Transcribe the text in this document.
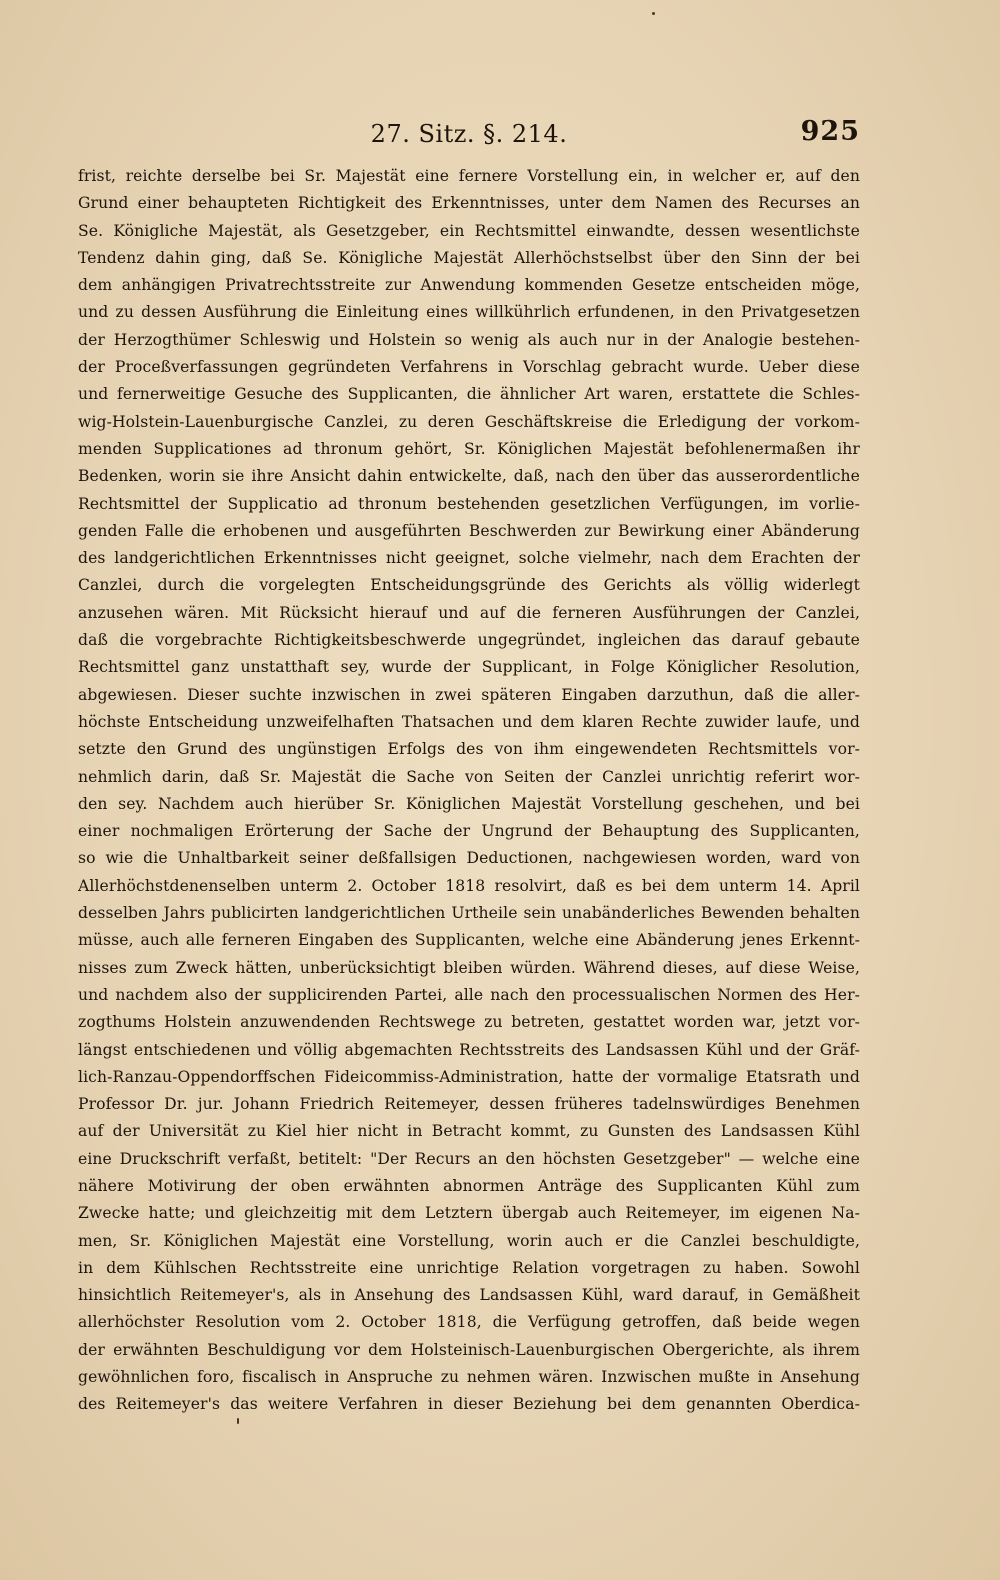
27. Sitz. §. 214.	925
frist, reichte derselbe bei Sr. Majestät eine fernere Vorstellung ein, in welcher er, auf den
Grund einer behaupteten Richtigkeit des Erkenntnisses, unter dem Namen des Recurses an
Se. Königliche Majestät, als Gesetzgeber, ein Rechtsmittel einwandte, dessen wesentlichste
Tendenz dahin ging, daß Se. Königliche Majestät Allerhöchstselbst über den Sinn der bei
dem anhängigen Privatrechtsstreite zur Anwendung kommenden Gesetze entscheiden möge,
und zu dessen Ausführung die Einleitung eines willkührlich erfundenen, in den Privatgesetzen
der Herzogthümer Schleswig und Holstein so wenig als auch nur in der Analogie bestehen-
der Proceßverfassungen gegründeten Verfahrens in Vorschlag gebracht wurde. Ueber diese
und fernerweitige Gesuche des Supplicanten, die ähnlicher Art waren, erstattete die Schles-
wig-Holstein-Lauenburgische Canzlei, zu deren Geschäftskreise die Erledigung der vorkom-
menden Supplicationes ad thronum gehört, Sr. Königlichen Majestät befohlenermaßen ihr
Bedenken, worin sie ihre Ansicht dahin entwickelte, daß, nach den über das ausserordentliche
Rechtsmittel der Supplicatio ad thronum bestehenden gesetzlichen Verfügungen, im vorlie-
genden Falle die erhobenen und ausgeführten Beschwerden zur Bewirkung einer Abänderung
des landgerichtlichen Erkenntnisses nicht geeignet, solche vielmehr, nach dem Erachten der
Canzlei, durch die vorgelegten Entscheidungsgründe des Gerichts als völlig widerlegt
anzusehen wären. Mit Rücksicht hierauf und auf die ferneren Ausführungen der Canzlei,
daß die vorgebrachte Richtigkeitsbeschwerde ungegründet, ingleichen das darauf gebaute
Rechtsmittel ganz unstatthaft sey, wurde der Supplicant, in Folge Königlicher Resolution,
abgewiesen. Dieser suchte inzwischen in zwei späteren Eingaben darzuthun, daß die aller-
höchste Entscheidung unzweifelhaften Thatsachen und dem klaren Rechte zuwider laufe, und
setzte den Grund des ungünstigen Erfolgs des von ihm eingewendeten Rechtsmittels vor-
nehmlich darin, daß Sr. Majestät die Sache von Seiten der Canzlei unrichtig referirt wor-
den sey. Nachdem auch hierüber Sr. Königlichen Majestät Vorstellung geschehen, und bei
einer nochmaligen Erörterung der Sache der Ungrund der Behauptung des Supplicanten,
so wie die Unhaltbarkeit seiner deßfallsigen Deductionen, nachgewiesen worden, ward von
Allerhöchstdenenselben unterm 2. October 1818 resolvirt, daß es bei dem unterm 14. April
desselben Jahrs publicirten landgerichtlichen Urtheile sein unabänderliches Bewenden behalten
müsse, auch alle ferneren Eingaben des Supplicanten, welche eine Abänderung jenes Erkennt-
nisses zum Zweck hätten, unberücksichtigt bleiben würden. Während dieses, auf diese Weise,
und nachdem also der supplicirenden Partei, alle nach den processualischen Normen des Her-
zogthums Holstein anzuwendenden Rechtswege zu betreten, gestattet worden war, jetzt vor-
längst entschiedenen und völlig abgemachten Rechtsstreits des Landsassen Kühl und der Gräf-
lich-Ranzau-Oppendorffschen Fideicommiss-Administration, hatte der vormalige Etatsrath und
Professor Dr. jur. Johann Friedrich Reitemeyer, dessen früheres tadelnswürdiges Benehmen
auf der Universität zu Kiel hier nicht in Betracht kommt, zu Gunsten des Landsassen Kühl
eine Druckschrift verfaßt, betitelt: "Der Recurs an den höchsten Gesetzgeber" — welche eine
nähere Motivirung der oben erwähnten abnormen Anträge des Supplicanten Kühl zum
Zwecke hatte; und gleichzeitig mit dem Letztern übergab auch Reitemeyer, im eigenen Na-
men, Sr. Königlichen Majestät eine Vorstellung, worin auch er die Canzlei beschuldigte,
in dem Kühlschen Rechtsstreite eine unrichtige Relation vorgetragen zu haben. Sowohl
hinsichtlich Reitemeyer's, als in Ansehung des Landsassen Kühl, ward darauf, in Gemäßheit
allerhöchster Resolution vom 2. October 1818, die Verfügung getroffen, daß beide wegen
der erwähnten Beschuldigung vor dem Holsteinisch-Lauenburgischen Obergerichte, als ihrem
gewöhnlichen foro, fiscalisch in Anspruche zu nehmen wären. Inzwischen mußte in Ansehung
des Reitemeyer's das weitere Verfahren in dieser Beziehung bei dem genannten Oberdica-
